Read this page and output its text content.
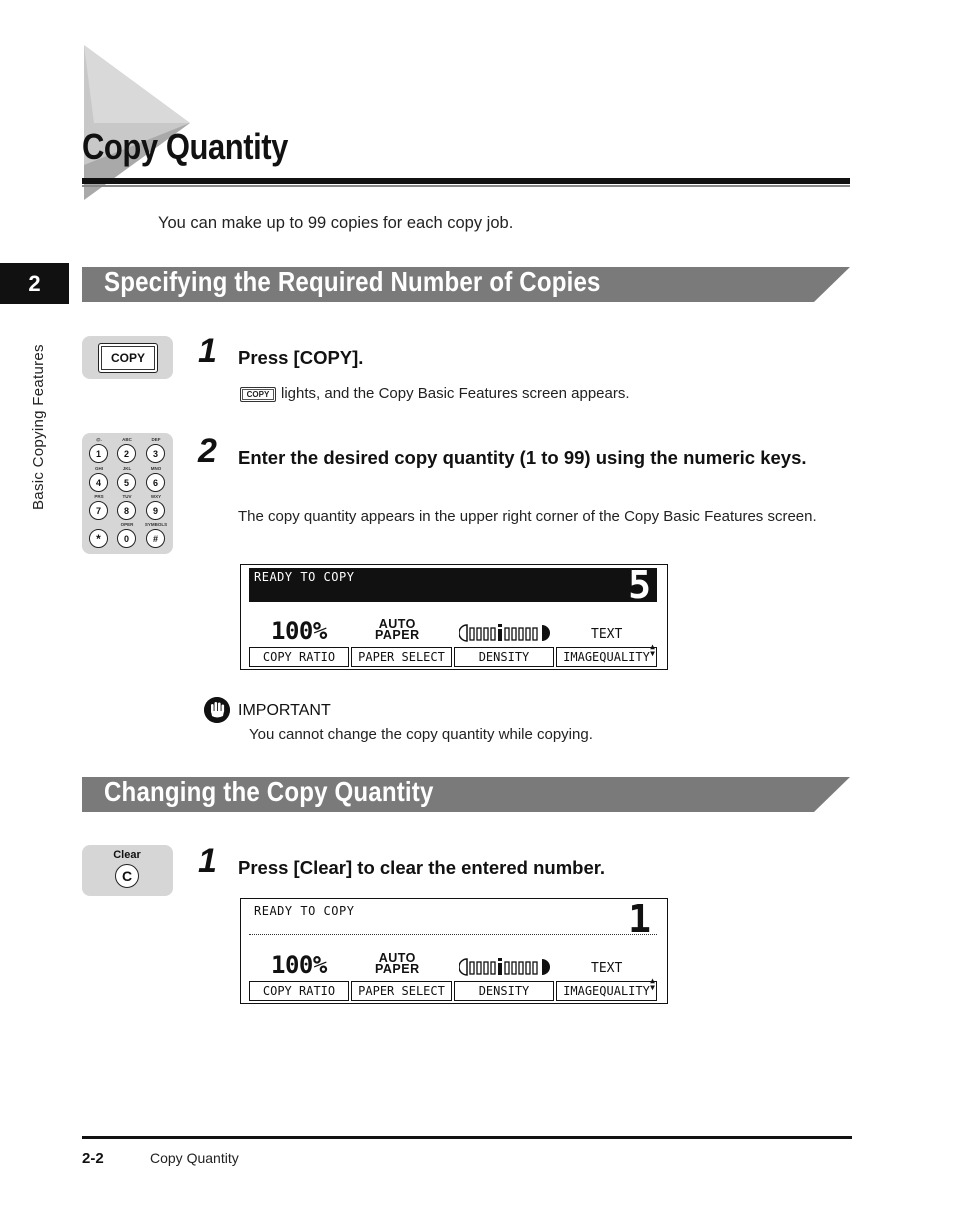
Copy Quantity
You can make up to 99 copies for each copy job.
2
Basic Copying Features
Specifying the Required Number of Copies
COPY	1 Press [COPY].
COPY lights, and the Copy Basic Features screen appears.
@.	ABC	DEF
1	2	3
GHI	JKL	MNO
4	5	6
PRS	TUV	WXY
7	8	9
OPER	SYMBOLS
*	0	#
2 Enter the desired copy quantity (1 to 99) using the numeric keys.
The copy quantity appears in the upper right corner of the Copy Basic Features screen.
READY TO COPY	5
100%	AUTO
PAPER	TEXT
▲
▼
COPY RATIO	PAPER SELECT	DENSITY	IMAGEQUALITY
IMPORTANT
You cannot change the copy quantity while copying.
Changing the Copy Quantity
Clear
C 1 Press [Clear] to clear the entered number.
READY TO COPY	1
100%	AUTO
PAPER	TEXT
▲
▼
COPY RATIO	PAPER SELECT	DENSITY	IMAGEQUALITY
2-2	Copy Quantity
